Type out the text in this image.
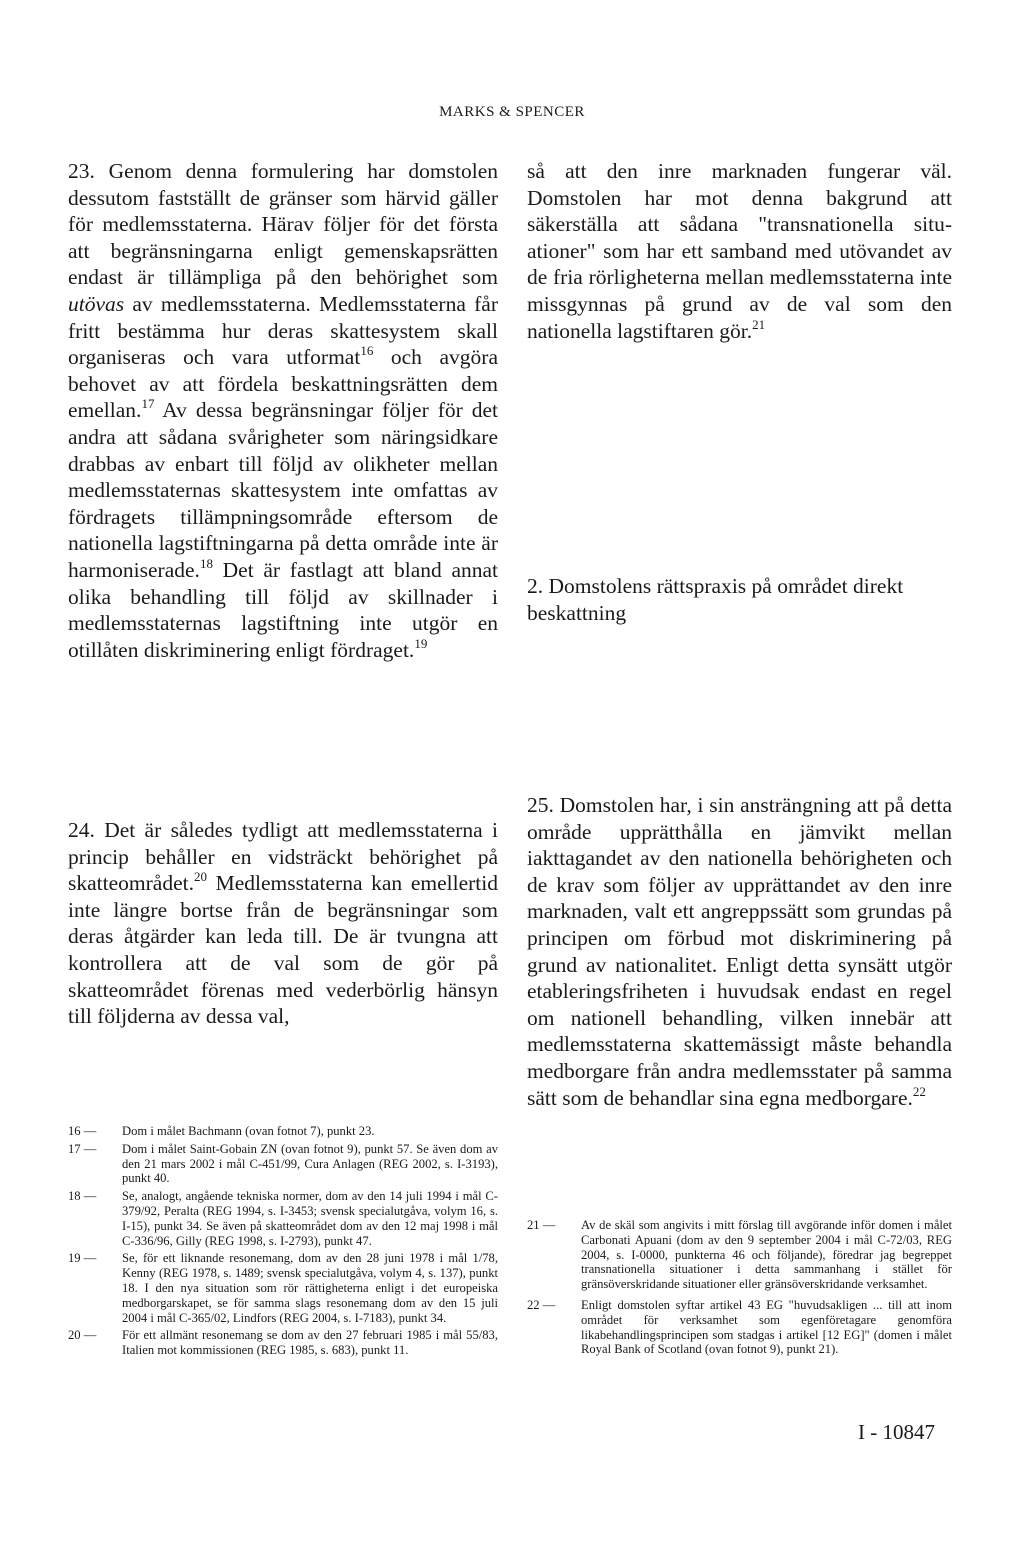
MARKS & SPENCER

23. Genom denna formulering har domstolen dessutom fastställt de gränser som härvid gäller för medlemsstaterna. Härav följer för det första att begränsningarna enligt gemenskapsrätten endast är tillämpliga på den behörighet som utövas av medlemsstaterna. Medlemsstaterna får fritt bestämma hur deras skattesystem skall organiseras och vara utformat$^{16}$ och avgöra behovet av att fördela beskattningsrätten dem emellan.$^{17}$ Av dessa begränsningar följer för det andra att sådana svårigheter som näringsidkare drabbas av enbart till följd av olikheter mellan medlemsstaternas skattesystem inte omfattas av fördragets tillämpningsområde eftersom de nationella lagstiftningarna på detta område inte är harmoniserade.$^{18}$ Det är fastlagt att bland annat olika behandling till följd av skillnader i medlemsstaternas lagstiftning inte utgör en otillåten diskriminering enligt fördraget.$^{19}$

24. Det är således tydligt att medlemsstaterna i princip behåller en vidsträckt behörighet på skatteområdet.$^{20}$ Medlemsstaterna kan emellertid inte längre bortse från de begränsningar som deras åtgärder kan leda till. De är tvungna att kontrollera att de val som de gör på skatteområdet förenas med vederbörlig hänsyn till följderna av dessa val,

16 —	Dom i målet Bachmann (ovan fotnot 7), punkt 23.
17 —	Dom i målet Saint-Gobain ZN (ovan fotnot 9), punkt 57. Se även dom av den 21 mars 2002 i mål C-451/99, Cura Anlagen (REG 2002, s. I-3193), punkt 40.
18 —	Se, analogt, angående tekniska normer, dom av den 14 juli 1994 i mål C-379/92, Peralta (REG 1994, s. I-3453; svensk specialutgåva, volym 16, s. I-15), punkt 34. Se även på skatteområdet dom av den 12 maj 1998 i mål C-336/96, Gilly (REG 1998, s. I-2793), punkt 47.
19 —	Se, för ett liknande resonemang, dom av den 28 juni 1978 i mål 1/78, Kenny (REG 1978, s. 1489; svensk specialutgåva, volym 4, s. 137), punkt 18. I den nya situation som rör rättigheterna enligt i det europeiska medborgarskapet, se för samma slags resonemang dom av den 15 juli 2004 i mål C-365/02, Lindfors (REG 2004, s. I-7183), punkt 34.
20 —	För ett allmänt resonemang se dom av den 27 februari 1985 i mål 55/83, Italien mot kommissionen (REG 1985, s. 683), punkt 11.

så att den inre marknaden fungerar väl. Domstolen har mot denna bakgrund att säkerställa att sådana "transnationella situationer" som har ett samband med utövandet av de fria rörligheterna mellan medlemsstaterna inte missgynnas på grund av de val som den nationella lagstiftaren gör.$^{21}$

2. Domstolens rättspraxis på området direkt beskattning

25. Domstolen har, i sin ansträngning att på detta område upprätthålla en jämvikt mellan iakttagandet av den nationella behörigheten och de krav som följer av upprättandet av den inre marknaden, valt ett angreppssätt som grundas på principen om förbud mot diskriminering på grund av nationalitet. Enligt detta synsätt utgör etableringsfriheten i huvudsak endast en regel om nationell behandling, vilken innebär att medlemsstaterna skattemässigt måste behandla medborgare från andra medlemsstater på samma sätt som de behandlar sina egna medborgare.$^{22}$

21 —	Av de skäl som angivits i mitt förslag till avgörande inför domen i målet Carbonati Apuani (dom av den 9 september 2004 i mål C-72/03, REG 2004, s. I-0000, punkterna 46 och följande), föredrar jag begreppet transnationella situationer i detta sammanhang i stället för gränsöverskridande situationer eller gränsöverskridande verksamhet.
22 —	Enligt domstolen syftar artikel 43 EG "huvudsakligen ... till att inom området för verksamhet som egenföretagare genomföra likabehandlingsprincipen som stadgas i artikel [12 EG]" (domen i målet Royal Bank of Scotland (ovan fotnot 9), punkt 21).
I - 10847
